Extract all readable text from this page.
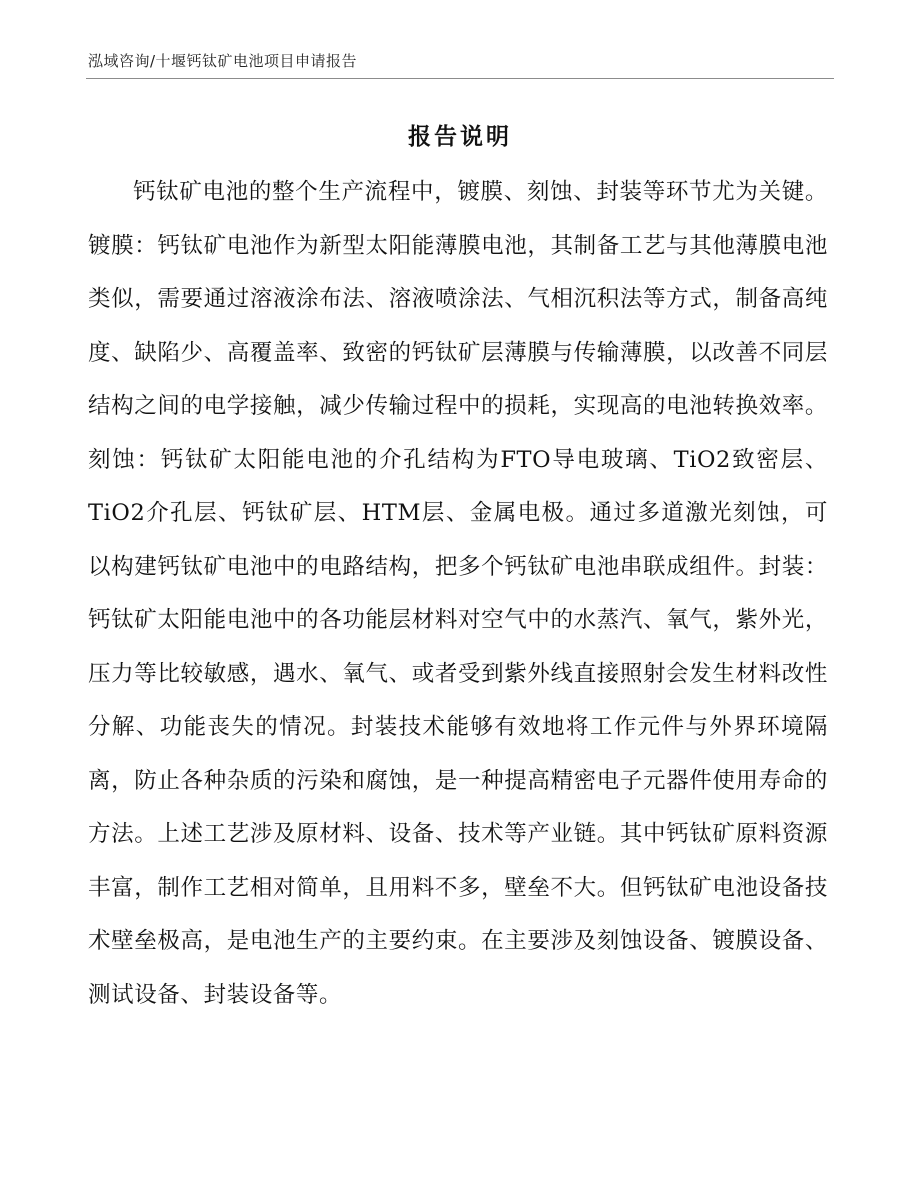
泓域咨询/十堰钙钛矿电池项目申请报告
报告说明

钙钛矿电池的整个生产流程中，镀膜、刻蚀、封装等环节尤为关键。镀膜：钙钛矿电池作为新型太阳能薄膜电池，其制备工艺与其他薄膜电池类似，需要通过溶液涂布法、溶液喷涂法、气相沉积法等方式，制备高纯度、缺陷少、高覆盖率、致密的钙钛矿层薄膜与传输薄膜，以改善不同层结构之间的电学接触，减少传输过程中的损耗，实现高的电池转换效率。刻蚀：钙钛矿太阳能电池的介孔结构为FTO导电玻璃、TiO2致密层、TiO2介孔层、钙钛矿层、HTM层、金属电极。通过多道激光刻蚀，可以构建钙钛矿电池中的电路结构，把多个钙钛矿电池串联成组件。封装：钙钛矿太阳能电池中的各功能层材料对空气中的水蒸汽、氧气，紫外光，压力等比较敏感，遇水、氧气、或者受到紫外线直接照射会发生材料改性分解、功能丧失的情况。封装技术能够有效地将工作元件与外界环境隔离，防止各种杂质的污染和腐蚀，是一种提高精密电子元器件使用寿命的方法。上述工艺涉及原材料、设备、技术等产业链。其中钙钛矿原料资源丰富，制作工艺相对简单，且用料不多，壁垒不大。但钙钛矿电池设备技术壁垒极高，是电池生产的主要约束。在主要涉及刻蚀设备、镀膜设备、测试设备、封装设备等。
